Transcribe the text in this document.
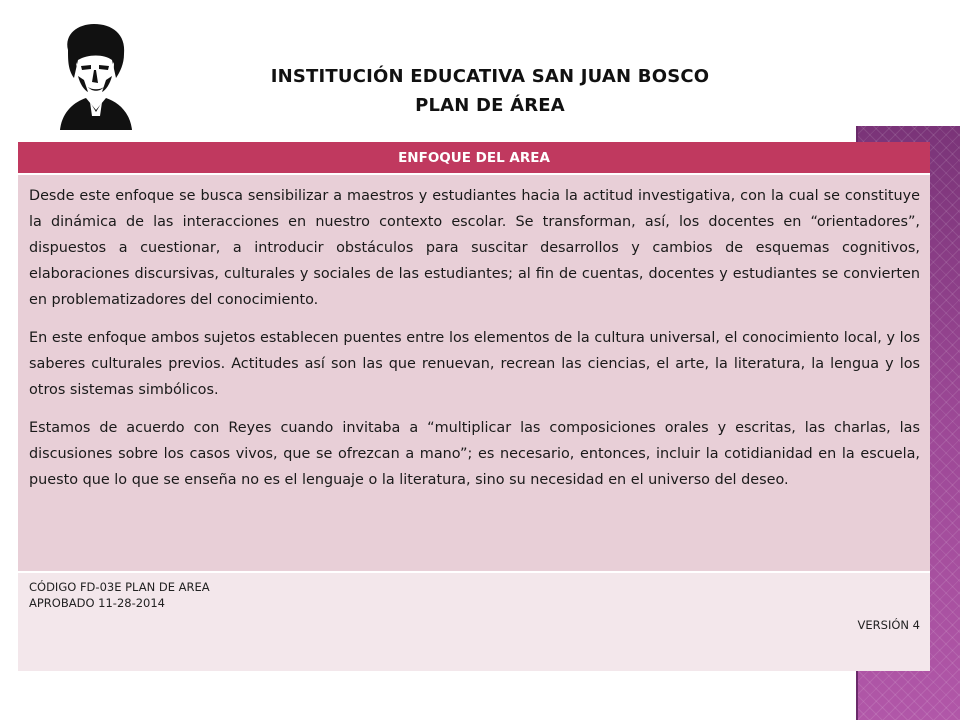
INSTITUCIÓN EDUCATIVA SAN JUAN BOSCO
PLAN DE ÁREA
ENFOQUE DEL AREA

Desde este enfoque se busca sensibilizar a maestros y estudiantes hacia la actitud investigativa, con la cual se constituye la dinámica de las interacciones en nuestro contexto escolar. Se transforman, así, los docentes en “orientadores”, dispuestos a cuestionar, a introducir obstáculos para suscitar desarrollos y cambios de esquemas cognitivos, elaboraciones discursivas, culturales y sociales de las estudiantes; al fin de cuentas, docentes y estudiantes se convierten en problematizadores del conocimiento.

En este enfoque ambos sujetos establecen puentes entre los elementos de la cultura universal, el conocimiento local, y los saberes culturales previos. Actitudes así son las que renuevan, recrean las ciencias, el arte, la literatura, la lengua y los otros sistemas simbólicos.

Estamos de acuerdo con Reyes cuando invitaba a “multiplicar las composiciones orales y escritas, las charlas, las discusiones sobre los casos vivos, que se ofrezcan a mano”; es necesario, entonces, incluir la cotidianidad en la escuela, puesto que lo que se enseña no es el lenguaje o la literatura, sino su necesidad en el universo del deseo.

CÓDIGO FD-03E PLAN DE AREA
APROBADO 11-28-2014
VERSIÓN 4
